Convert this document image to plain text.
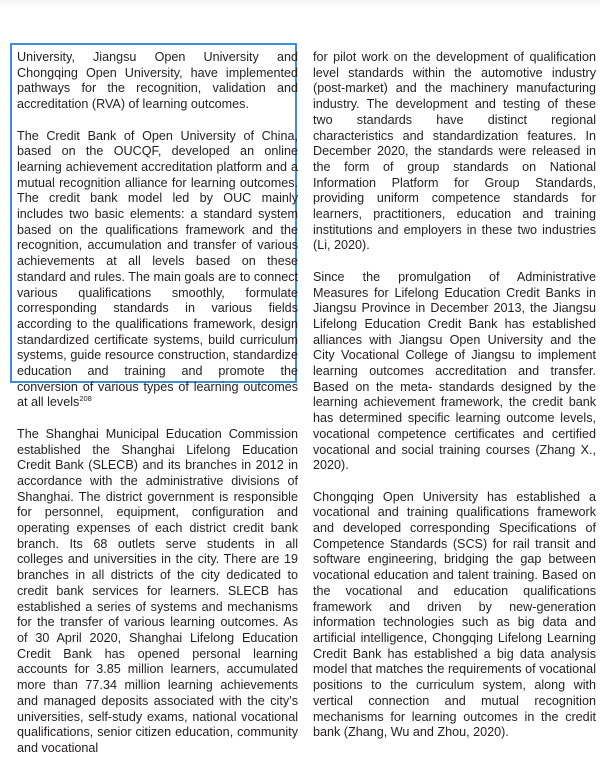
University, Jiangsu Open University and Chongqing Open University, have implemented pathways for the recognition, validation and accreditation (RVA) of learning outcomes.

The Credit Bank of Open University of China, based on the OUCQF, developed an online learning achievement accreditation platform and a mutual recognition alliance for learning outcomes. The credit bank model led by OUC mainly includes two basic elements: a standard system based on the qualifications framework and the recognition, accumulation and transfer of various achievements at all levels based on these standard and rules. The main goals are to connect various qualifications smoothly, formulate corresponding standards in various fields according to the qualifications framework, design standardized certificate systems, build curriculum systems, guide resource construction, standardize education and training and promote the conversion of various types of learning outcomes at all levels$^{208}$

The Shanghai Municipal Education Commission established the Shanghai Lifelong Education Credit Bank (SLECB) and its branches in 2012 in accordance with the administrative divisions of Shanghai. The district government is responsible for personnel, equipment, configuration and operating expenses of each district credit bank branch. Its 68 outlets serve students in all colleges and universities in the city. There are 19 branches in all districts of the city dedicated to credit bank services for learners. SLECB has established a series of systems and mechanisms for the transfer of various learning outcomes. As of 30 April 2020, Shanghai Lifelong Education Credit Bank has opened personal learning accounts for 3.85 million learners, accumulated more than 77.34 million learning achievements and managed deposits associated with the city’s universities, self-study exams, national vocational qualifications, senior citizen education, community and vocational

for pilot work on the development of qualification level standards within the automotive industry (post-market) and the machinery manufacturing industry. The development and testing of these two standards have distinct regional characteristics and standardization features. In December 2020, the standards were released in the form of group standards on National Information Platform for Group Standards, providing uniform competence standards for learners, practitioners, education and training institutions and employers in these two industries (Li, 2020).

Since the promulgation of Administrative Measures for Lifelong Education Credit Banks in Jiangsu Province in December 2013, the Jiangsu Lifelong Education Credit Bank has established alliances with Jiangsu Open University and the City Vocational College of Jiangsu to implement learning outcomes accreditation and transfer. Based on the meta- standards designed by the learning achievement framework, the credit bank has determined specific learning outcome levels, vocational competence certificates and certified vocational and social training courses (Zhang X., 2020).

Chongqing Open University has established a vocational and training qualifications framework and developed corresponding Specifications of Competence Standards (SCS) for rail transit and software engineering, bridging the gap between vocational education and talent training. Based on the vocational and education qualifications framework and driven by new-generation information technologies such as big data and artificial intelligence, Chongqing Lifelong Learning Credit Bank has established a big data analysis model that matches the requirements of vocational positions to the curriculum system, along with vertical connection and mutual recognition mechanisms for learning outcomes in the credit bank (Zhang, Wu and Zhou, 2020).
